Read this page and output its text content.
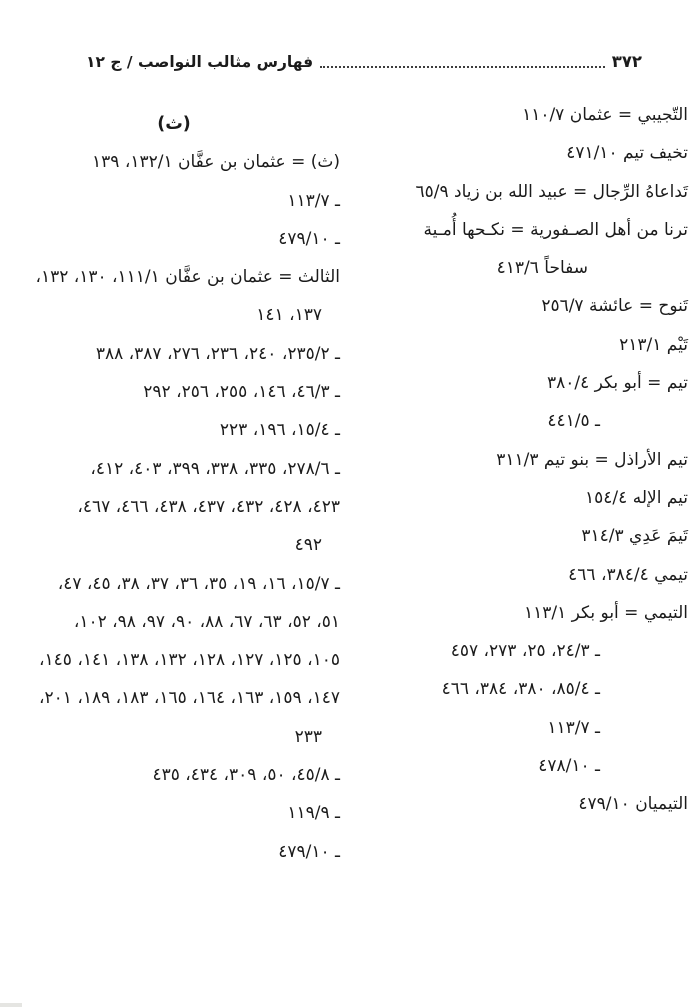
٣٧٢
فهارس مثالب النواصب / ج ١٢
التّجيبي = عثمان ١١٠/٧
تخيف تيم ٤٧١/١٠
تَداعاهُ الرِّجال = عبيد الله بن زياد ٦٥/٩
ترنا من أهل الصـفورية = نكـحها أُمـية
سفاحاً ٤١٣/٦
تَنوح = عائشة ٢٥٦/٧
تَيْم ٢١٣/١
تيم = أبو بكر ٣٨٠/٤
ـ ٤٤١/٥
تيم الأراذل = بنو تيم ٣١١/٣
تيم الإله ١٥٤/٤
تَيمَ عَدِي ٣١٤/٣
تيمي ٣٨٤/٤، ٤٦٦
التيمي = أبو بكر ١١٣/١
ـ ٢٤/٣، ٢٥، ٢٧٣، ٤٥٧
ـ ٨٥/٤، ٣٨٠، ٣٨٤، ٤٦٦
ـ ١١٣/٧
ـ ٤٧٨/١٠
التيميان ٤٧٩/١٠
(ث)
(ث) = عثمان بن عفَّان ١٣٢/١، ١٣٩
ـ ١١٣/٧
ـ ٤٧٩/١٠
الثالث = عثمان بن عفَّان ١١١/١، ١٣٠، ١٣٢،
١٣٧، ١٤١
ـ ٢٣٥/٢، ٢٤٠، ٢٣٦، ٢٧٦، ٣٨٧، ٣٨٨
ـ ٤٦/٣، ١٤٦، ٢٥٥، ٢٥٦، ٢٩٢
ـ ١٥/٤، ١٩٦، ٢٢٣
ـ ٢٧٨/٦، ٣٣٥، ٣٣٨، ٣٩٩، ٤٠٣، ٤١٢،
٤٢٣، ٤٢٨، ٤٣٢، ٤٣٧، ٤٣٨، ٤٦٦، ٤٦٧،
٤٩٢
ـ ١٥/٧، ١٦، ١٩، ٣٥، ٣٦، ٣٧، ٣٨، ٤٥، ٤٧،
٥١، ٥٢، ٦٣، ٦٧، ٨٨، ٩٠، ٩٧، ٩٨، ١٠٢،
١٠٥، ١٢٥، ١٢٧، ١٢٨، ١٣٢، ١٣٨، ١٤١، ١٤٥،
١٤٧، ١٥٩، ١٦٣، ١٦٤، ١٦٥، ١٨٣، ١٨٩، ٢٠١،
٢٣٣
ـ ٤٥/٨، ٥٠، ٣٠٩، ٤٣٤، ٤٣٥
ـ ١١٩/٩
ـ ٤٧٩/١٠
